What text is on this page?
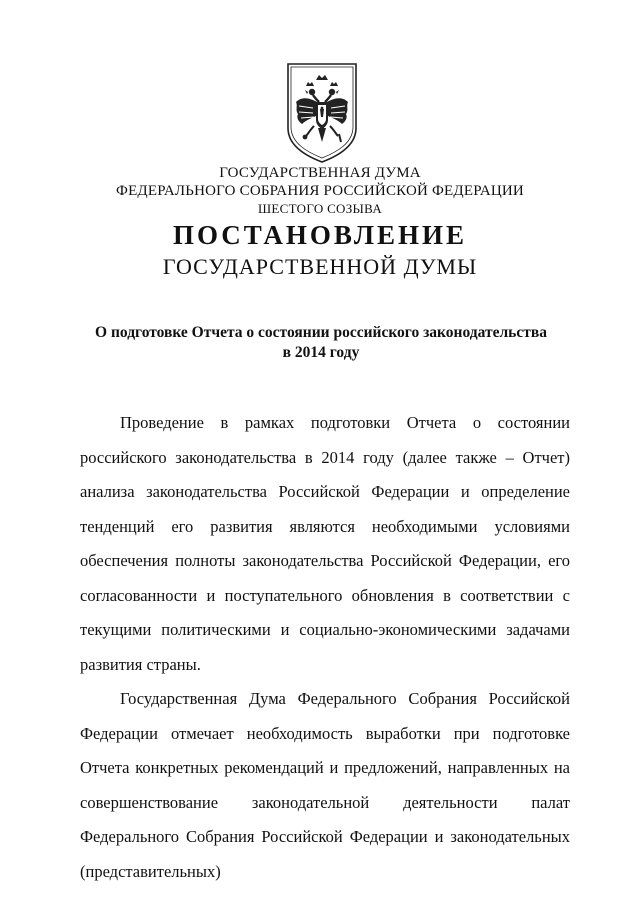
ГОСУДАРСТВЕННАЯ ДУМА
ФЕДЕРАЛЬНОГО СОБРАНИЯ РОССИЙСКОЙ ФЕДЕРАЦИИ
ШЕСТОГО СОЗЫВА
ПОСТАНОВЛЕНИЕ
ГОСУДАРСТВЕННОЙ ДУМЫ
О подготовке Отчета о состоянии российского законодательства
в 2014 году

Проведение в рамках подготовки Отчета о состоянии российского законодательства в 2014 году (далее также – Отчет) анализа законодательства Российской Федерации и определение тенденций его развития являются необходимыми условиями обеспечения полноты законодательства Российской Федерации, его согласованности и поступательного обновления в соответствии с текущими политическими и социально-экономическими задачами развития страны.

Государственная Дума Федерального Собрания Российской Федерации отмечает необходимость выработки при подготовке Отчета конкретных рекомендаций и предложений, направленных на совершенствование законодательной деятельности палат Федерального Собрания Российской Федерации и законодательных (представительных)
